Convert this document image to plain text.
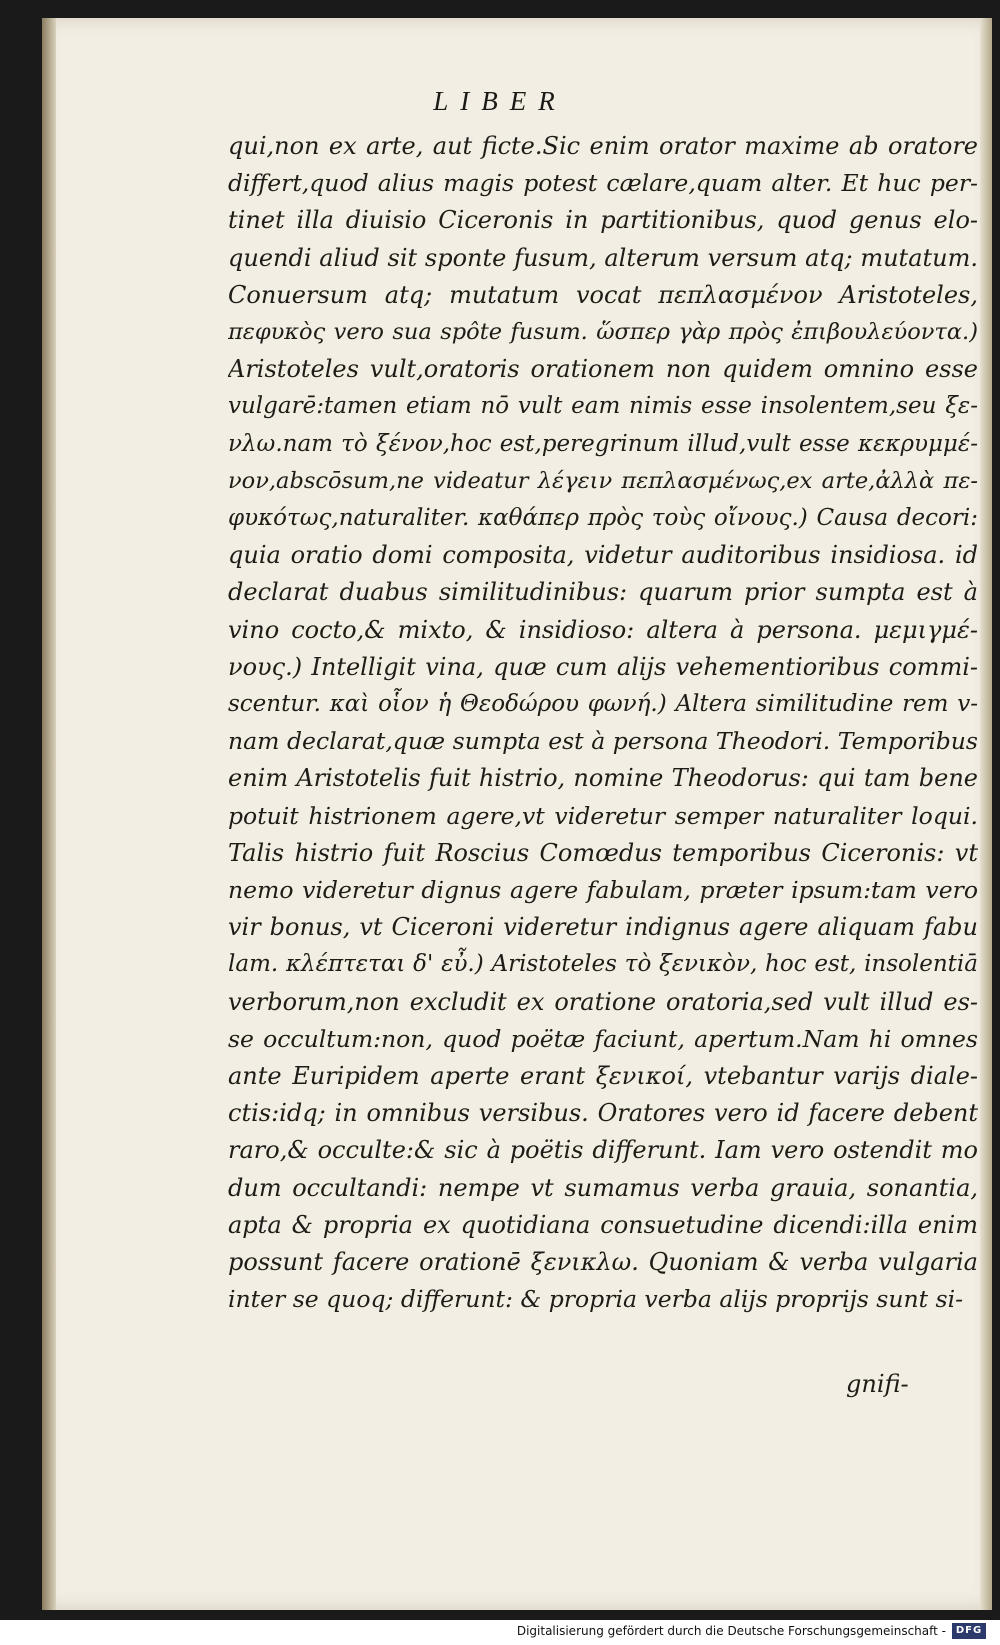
LIBER
qui,non ex arte, aut ficte.Sic enim orator maxime ab oratore
differt,quod alius magis potest cælare,quam alter. Et huc per-
tinet illa diuisio Ciceronis in partitionibus, quod genus elo-
quendi aliud sit sponte fusum, alterum versum atq; mutatum.
Conuersum atq; mutatum vocat πεπλασμένον Aristoteles,
πεφυκὸς vero sua spôte fusum. ὥσπερ γὰρ πρὸς ἐπιβουλεύοντα.)
Aristoteles vult,oratoris orationem non quidem omnino esse
vulgarē:tamen etiam nō vult eam nimis esse insolentem,seu ξε-
νλω.nam τὸ ξένον,hoc est,peregrinum illud,vult esse κεκρυμμέ-
νον,abscōsum,ne videatur λέγειν πεπλασμένως,ex arte,ἀλλὰ πε-
φυκότως,naturaliter. καθάπερ πρὸς τοὺς οἴνους.) Causa decori:
quia oratio domi composita, videtur auditoribus insidiosa. id
declarat duabus similitudinibus: quarum prior sumpta est à
vino cocto,& mixto, & insidioso: altera à persona. μεμιγμέ-
νους.) Intelligit vina, quæ cum alijs vehementioribus commi-
scentur. καὶ οἷον ἡ Θεοδώρου φωνή.) Altera similitudine rem v-
nam declarat,quæ sumpta est à persona Theodori. Temporibus
enim Aristotelis fuit histrio, nomine Theodorus: qui tam bene
potuit histrionem agere,vt videretur semper naturaliter loqui.
Talis histrio fuit Roscius Comœdus temporibus Ciceronis: vt
nemo videretur dignus agere fabulam, præter ipsum:tam vero
vir bonus, vt Ciceroni videretur indignus agere aliquam fabu
lam. κλέπτεται δ' εὖ.) Aristoteles τὸ ξενικὸν, hoc est, insolentiā
verborum,non excludit ex oratione oratoria,sed vult illud es-
se occultum:non, quod poëtæ faciunt, apertum.Nam hi omnes
ante Euripidem aperte erant ξενικοί, vtebantur varijs diale-
ctis:idq; in omnibus versibus. Oratores vero id facere debent
raro,& occulte:& sic à poëtis differunt. Iam vero ostendit mo
dum occultandi: nempe vt sumamus verba grauia, sonantia,
apta & propria ex quotidiana consuetudine dicendi:illa enim
possunt facere orationē ξενικλω. Quoniam & verba vulgaria
inter se quoq; differunt: & propria verba alijs proprijs sunt si-
gnifi-
Digitalisierung gefördert durch die Deutsche Forschungsgemeinschaft - DFG
